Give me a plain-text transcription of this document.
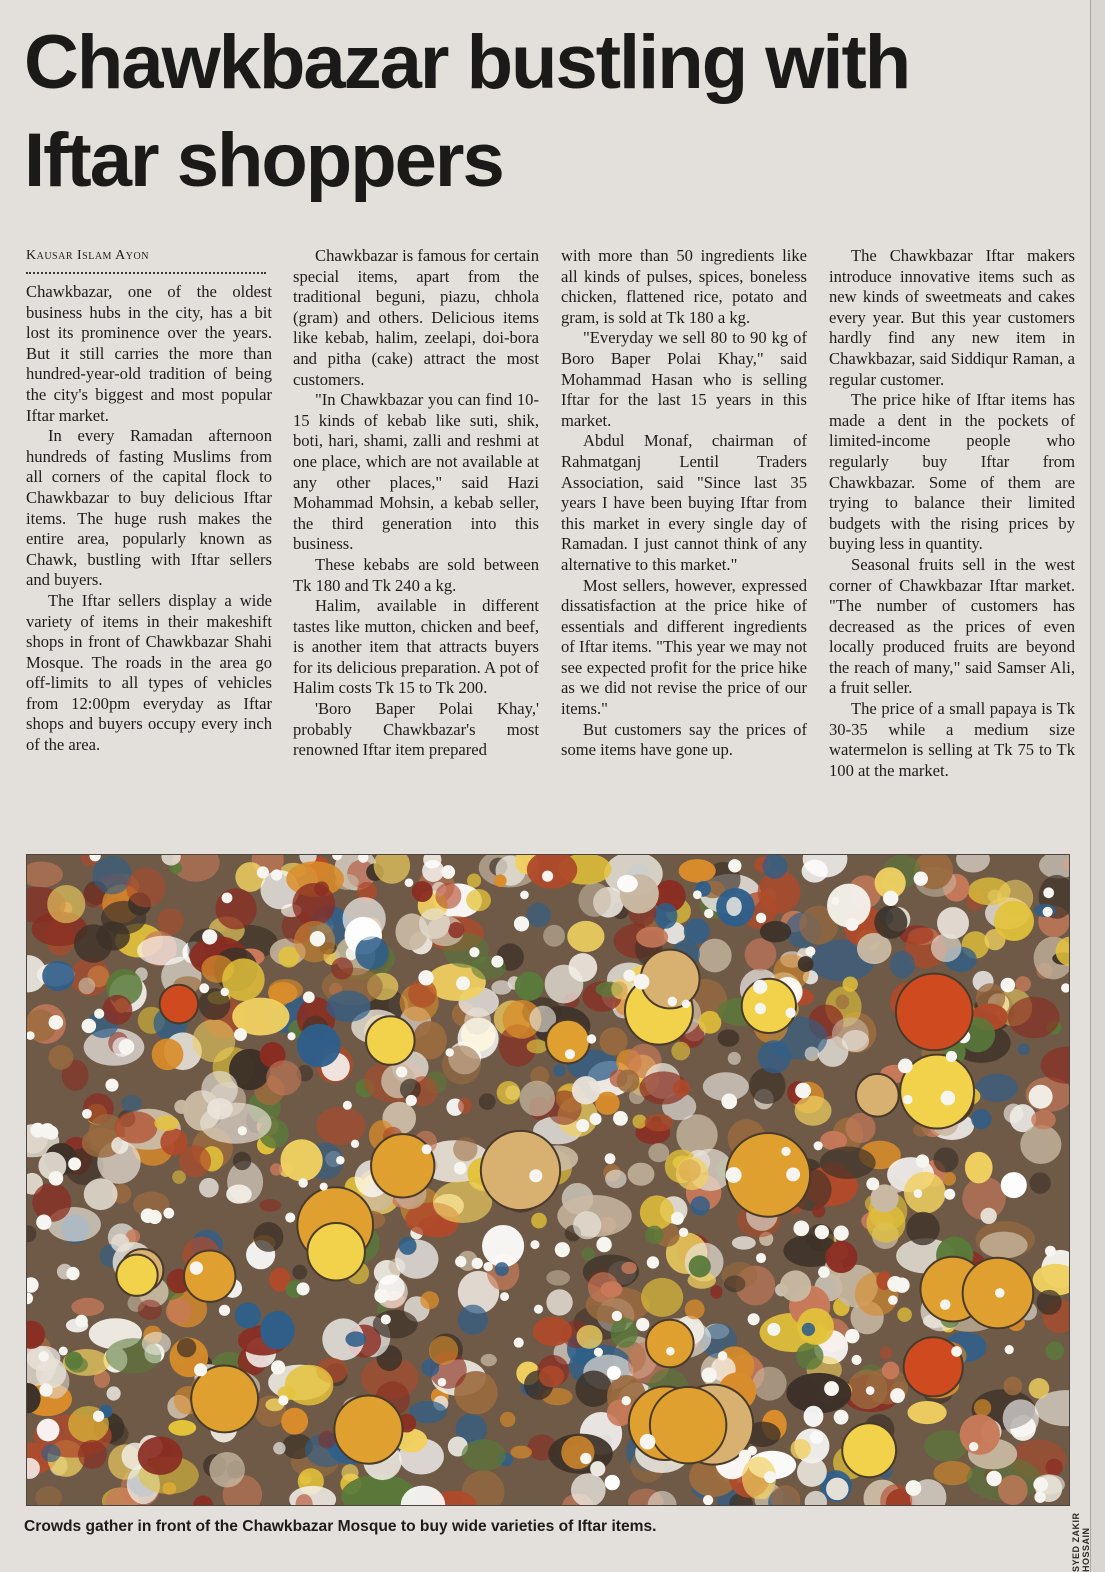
Chawkbazar bustling with
Iftar shoppers
Kausar Islam Ayon

Chawkbazar, one of the oldest business hubs in the city, has a bit lost its prominence over the years. But it still carries the more than hundred-year-old tradition of being the city's biggest and most popular Iftar market.

In every Ramadan afternoon hundreds of fasting Muslims from all corners of the capital flock to Chawkbazar to buy delicious Iftar items. The huge rush makes the entire area, popularly known as Chawk, bustling with Iftar sellers and buyers.

The Iftar sellers display a wide variety of items in their makeshift shops in front of Chawkbazar Shahi Mosque. The roads in the area go off-limits to all types of vehicles from 12:00pm everyday as Iftar shops and buyers occupy every inch of the area.

Chawkbazar is famous for certain special items, apart from the traditional beguni, piazu, chhola (gram) and others. Delicious items like kebab, halim, zeelapi, doi-bora and pitha (cake) attract the most customers.

"In Chawkbazar you can find 10-15 kinds of kebab like suti, shik, boti, hari, shami, zalli and reshmi at one place, which are not available at any other places," said Hazi Mohammad Mohsin, a kebab seller, the third generation into this business.

These kebabs are sold between Tk 180 and Tk 240 a kg.

Halim, available in different tastes like mutton, chicken and beef, is another item that attracts buyers for its delicious preparation. A pot of Halim costs Tk 15 to Tk 200.

'Boro Baper Polai Khay,' probably Chawkbazar's most renowned Iftar item prepared

with more than 50 ingredients like all kinds of pulses, spices, boneless chicken, flattened rice, potato and gram, is sold at Tk 180 a kg.

"Everyday we sell 80 to 90 kg of Boro Baper Polai Khay," said Mohammad Hasan who is selling Iftar for the last 15 years in this market.

Abdul Monaf, chairman of Rahmatganj Lentil Traders Association, said "Since last 35 years I have been buying Iftar from this market in every single day of Ramadan. I just cannot think of any alternative to this market."

Most sellers, however, expressed dissatisfaction at the price hike of essentials and different ingredients of Iftar items. "This year we may not see expected profit for the price hike as we did not revise the price of our items."

But customers say the prices of some items have gone up.

The Chawkbazar Iftar makers introduce innovative items such as new kinds of sweetmeats and cakes every year. But this year customers hardly find any new item in Chawkbazar, said Siddiqur Raman, a regular customer.

The price hike of Iftar items has made a dent in the pockets of limited-income people who regularly buy Iftar from Chawkbazar. Some of them are trying to balance their limited budgets with the rising prices by buying less in quantity.

Seasonal fruits sell in the west corner of Chawkbazar Iftar market. "The number of customers has decreased as the prices of even locally produced fruits are beyond the reach of many," said Samser Ali, a fruit seller.

The price of a small papaya is Tk 30-35 while a medium size watermelon is selling at Tk 75 to Tk 100 at the market.

SYED ZAKIR HOSSAIN

Crowds gather in front of the Chawkbazar Mosque to buy wide varieties of Iftar items.
